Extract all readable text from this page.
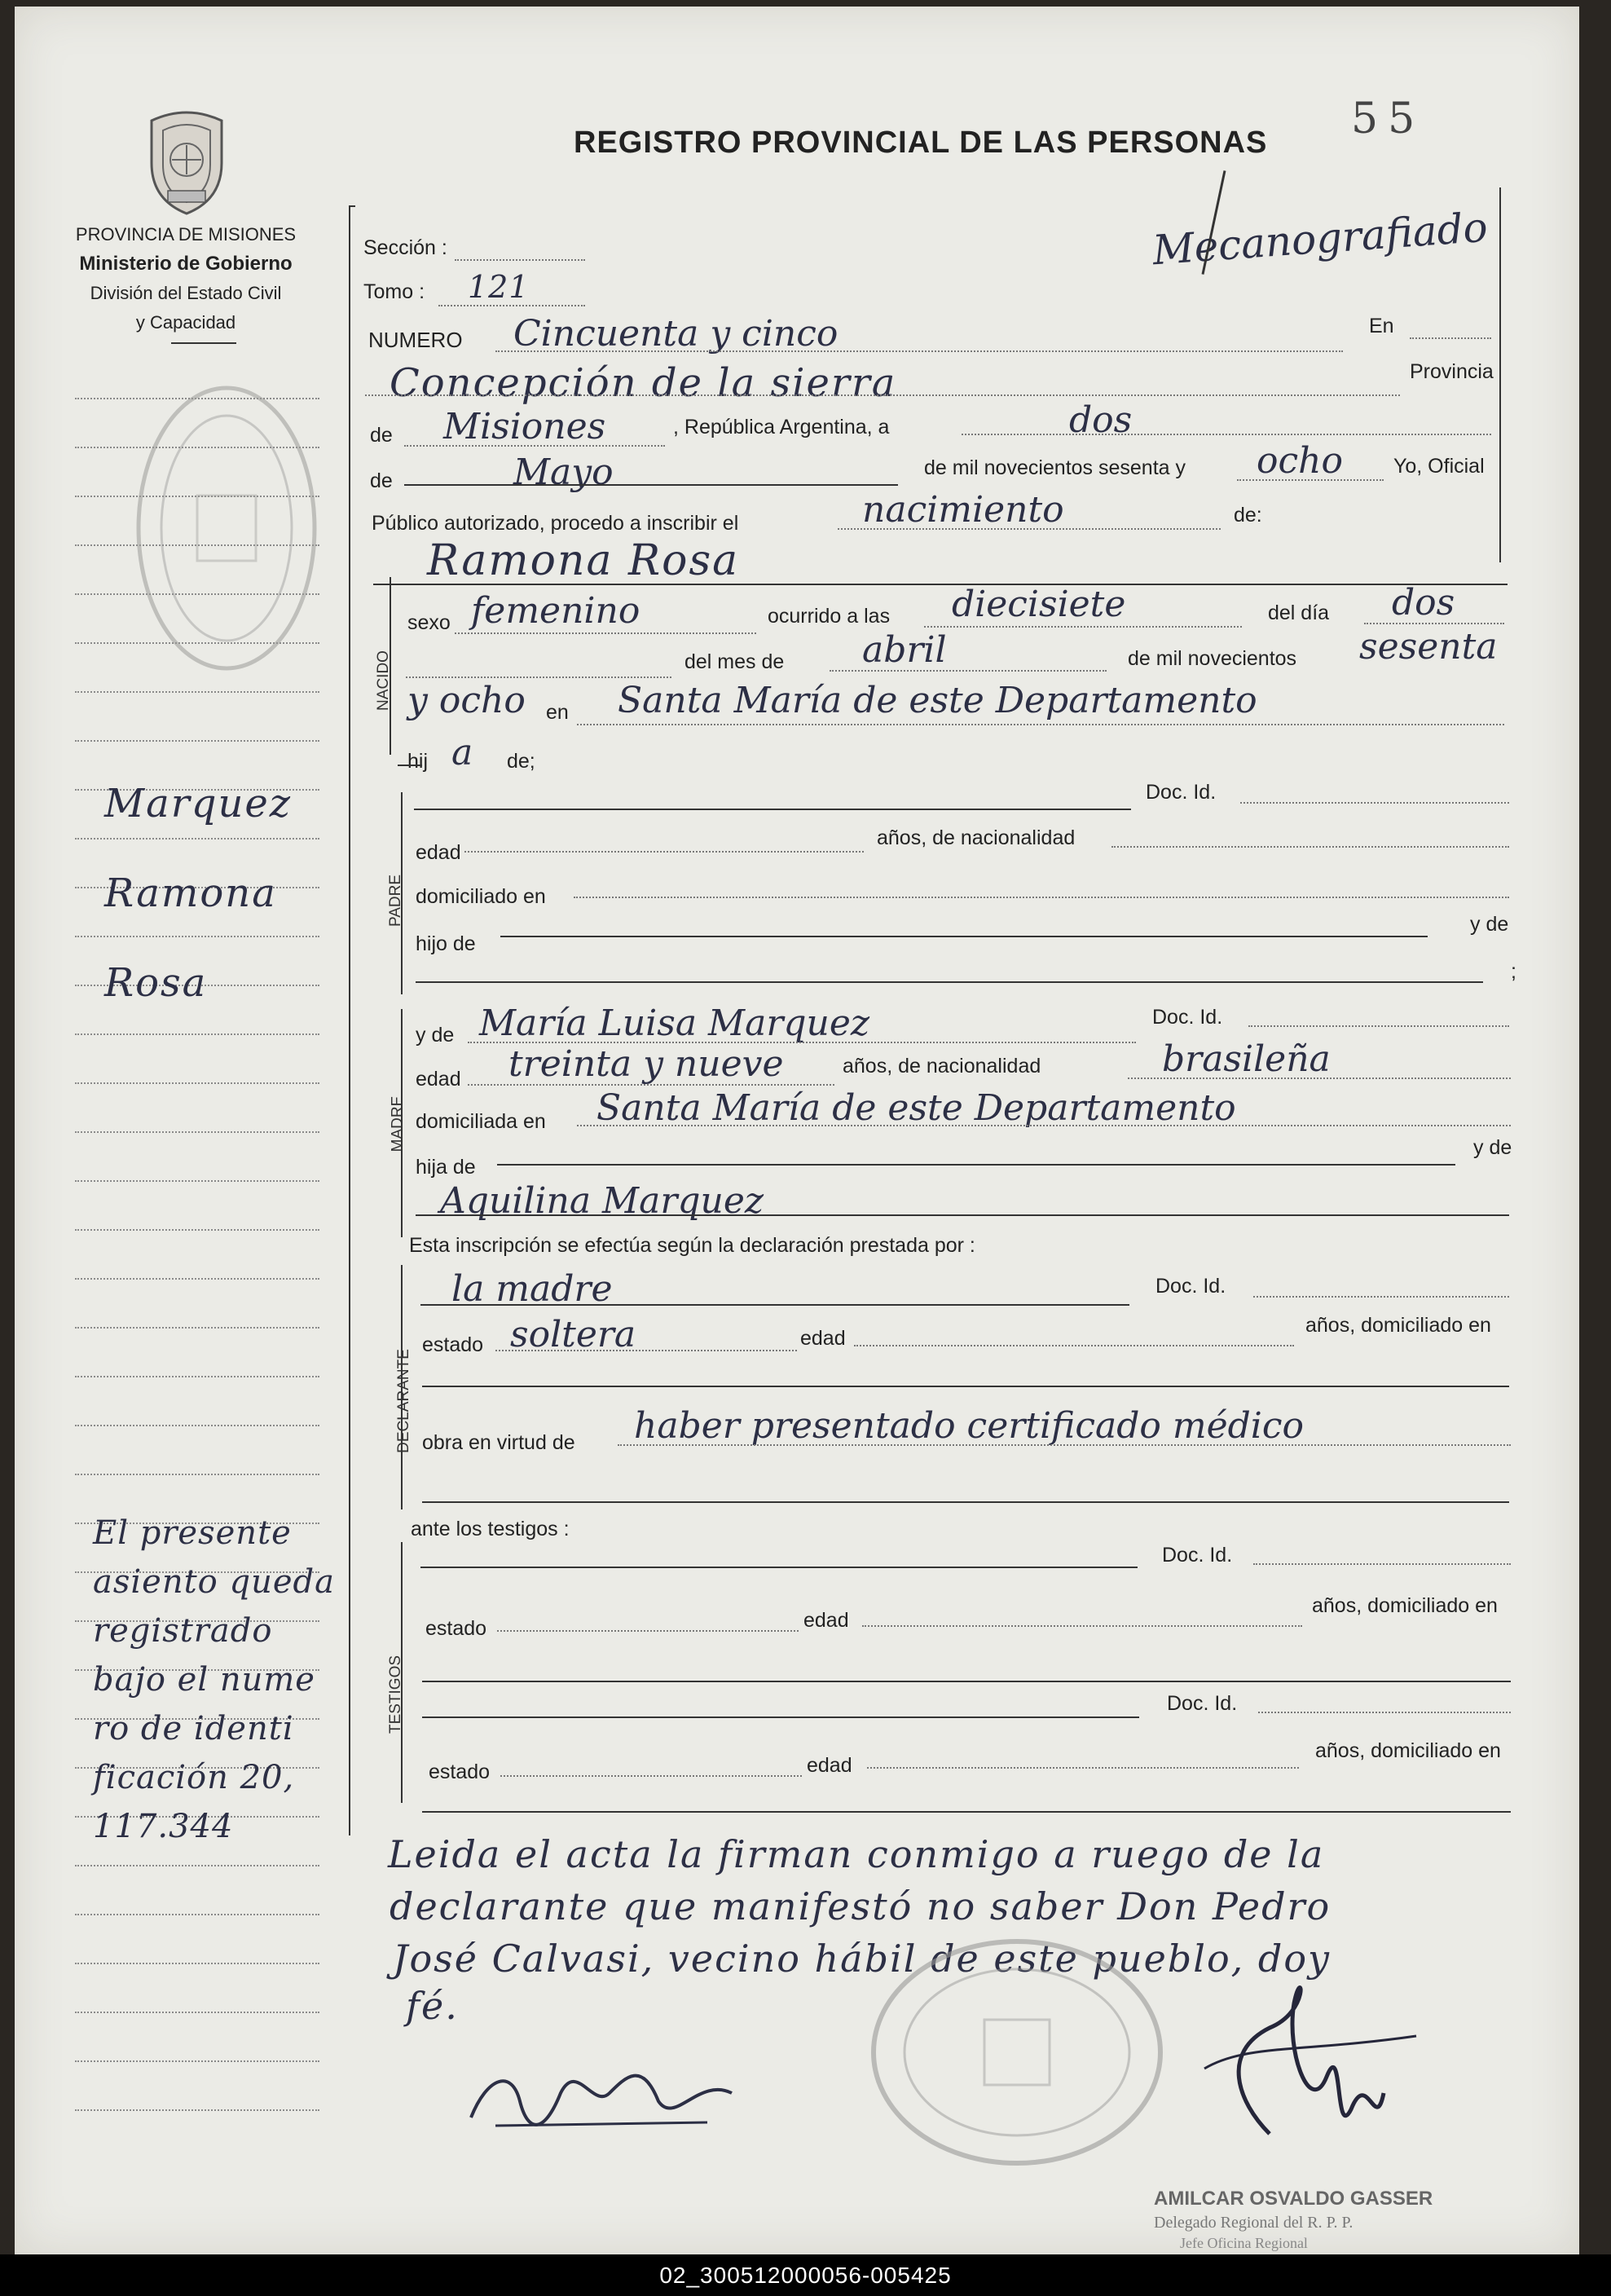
55
REGISTRO PROVINCIAL DE LAS PERSONAS
PROVINCIA DE MISIONES
Ministerio de Gobierno
División del Estado Civil
y Capacidad
Marquez
Ramona
Rosa
El presente
asiento queda
registrado
bajo el nume
ro de identi
ficación 20,
117.344
Mecanografiado
Sección :
Tomo : 121
NUMERO Cincuenta y cinco	En
Concepción de la sierra	Provincia
de Misiones	, República Argentina, a	dos
de	Mayo	de mil novecientos sesenta y ocho Yo, Oficial
Público autorizado, procedo a inscribir el	nacimiento	de:
Ramona Rosa
NACIDO
sexo femenino	ocurrido a las diecisiete	del día dos
del mes de abril	de mil novecientos sesenta
y ocho en Santa María de este Departamento
hij a de;
PADRE
Doc. Id.
edad
años, de nacionalidad
domiciliado en
hijo de
y de
;
MADRE
y de María Luisa Marquez	Doc. Id.
edad treinta y nueve	años, de nacionalidad	brasileña
domiciliada en Santa María de este Departamento
hija de
y de
Aquilina Marquez
Esta inscripción se efectúa según la declaración prestada por :
DECLARANTE
la madre	Doc. Id.
estado soltera	edad
años, domiciliado en
obra en virtud de haber presentado certificado médico
ante los testigos :
TESTIGOS
Doc. Id.
estado	edad
años, domiciliado en
Doc. Id.
estado	edad
años, domiciliado en
Leida el acta la firman conmigo a ruego de la
declarante que manifestó no saber Don Pedro
José Calvasi, vecino hábil de este pueblo, doy
fé.
AMILCAR OSVALDO GASSER
Delegado Regional del R. P. P.
Jefe Oficina Regional
02_300512000056-005425
